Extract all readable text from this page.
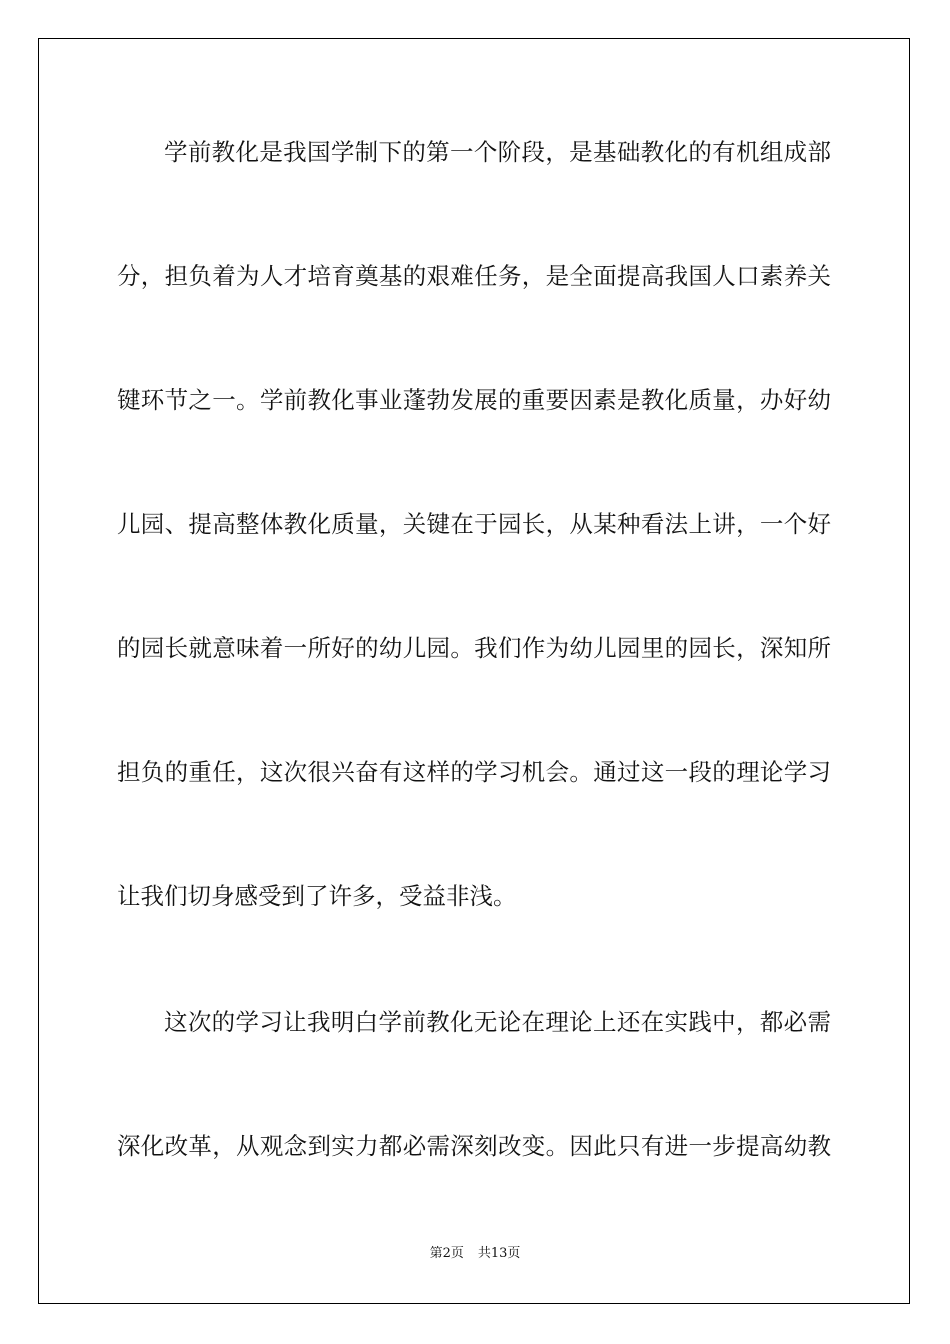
学前教化是我国学制下的第一个阶段，是基础教化的有机组成部
分，担负着为人才培育奠基的艰难任务，是全面提高我国人口素养关
键环节之一。学前教化事业蓬勃发展的重要因素是教化质量，办好幼
儿园、提高整体教化质量，关键在于园长，从某种看法上讲，一个好
的园长就意味着一所好的幼儿园。我们作为幼儿园里的园长，深知所
担负的重任，这次很兴奋有这样的学习机会。通过这一段的理论学习
让我们切身感受到了许多，受益非浅。
这次的学习让我明白学前教化无论在理论上还在实践中，都必需
深化改革，从观念到实力都必需深刻改变。因此只有进一步提高幼教
第2页 共13页
